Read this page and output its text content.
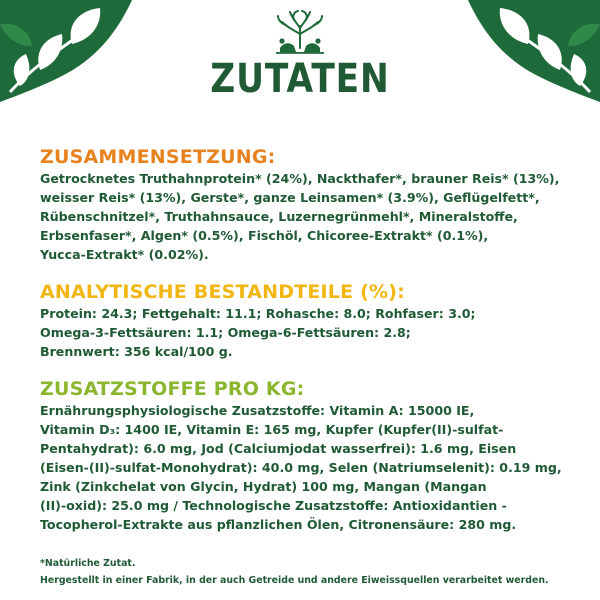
ZUTATEN
ZUSAMMENSETZUNG:
Getrocknetes Truthahnprotein* (24%), Nackthafer*, brauner Reis* (13%),
weisser Reis* (13%), Gerste*, ganze Leinsamen* (3.9%), Geflügelfett*,
Rübenschnitzel*, Truthahnsauce, Luzernegrünmehl*, Mineralstoffe,
Erbsenfaser*, Algen* (0.5%), Fischöl, Chicoree-Extrakt* (0.1%),
Yucca-Extrakt* (0.02%).
ANALYTISCHE BESTANDTEILE (%):
Protein: 24.3; Fettgehalt: 11.1; Rohasche: 8.0; Rohfaser: 3.0;
Omega-3-Fettsäuren: 1.1; Omega-6-Fettsäuren: 2.8;
Brennwert: 356 kcal/100 g.
ZUSATZSTOFFE PRO KG:
Ernährungsphysiologische Zusatzstoffe: Vitamin A: 15000 IE,
Vitamin D₃: 1400 IE, Vitamin E: 165 mg, Kupfer (Kupfer(II)-sulfat-
Pentahydrat): 6.0 mg, Jod (Calciumjodat wasserfrei): 1.6 mg, Eisen
(Eisen-(II)-sulfat-Monohydrat): 40.0 mg, Selen (Natriumselenit): 0.19 mg,
Zink (Zinkchelat von Glycin, Hydrat) 100 mg, Mangan (Mangan
(II)-oxid): 25.0 mg / Technologische Zusatzstoffe: Antioxidantien -
Tocopherol-Extrakte aus pflanzlichen Ölen, Citronensäure: 280 mg.
*Natürliche Zutat.
Hergestellt in einer Fabrik, in der auch Getreide und andere Eiweissquellen verarbeitet werden.
